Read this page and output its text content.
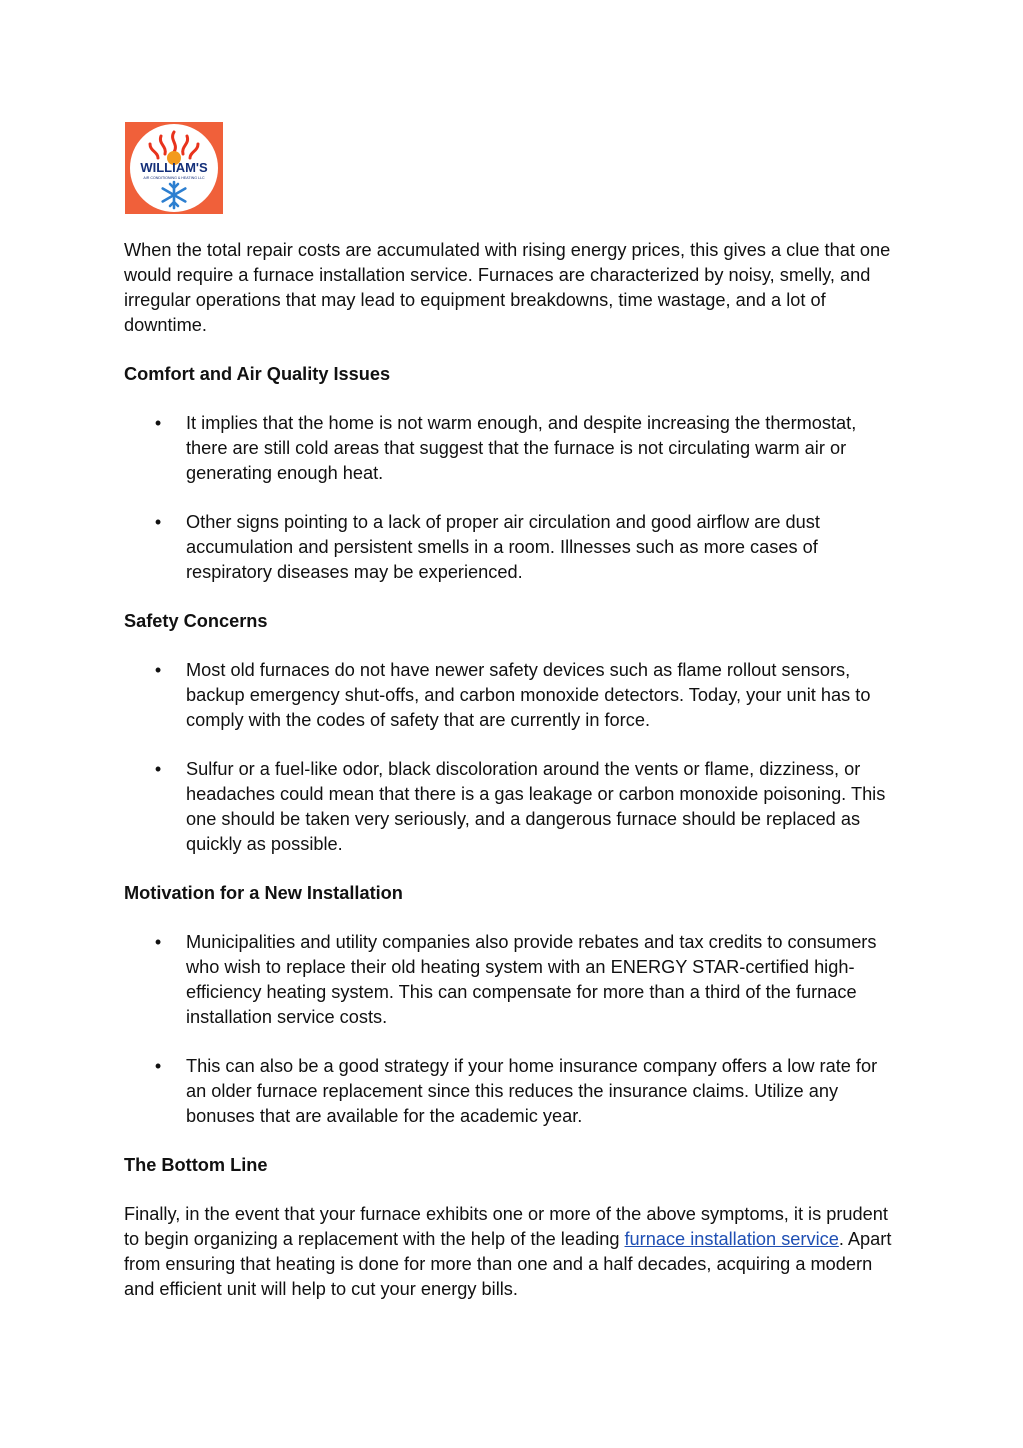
WILLIAM'S
AIR CONDITIONING & HEATING LLC

When the total repair costs are accumulated with rising energy prices, this gives a clue that one would require a furnace installation service. Furnaces are characterized by noisy, smelly, and irregular operations that may lead to equipment breakdowns, time wastage, and a lot of downtime.

Comfort and Air Quality Issues

• It implies that the home is not warm enough, and despite increasing the thermostat, there are still cold areas that suggest that the furnace is not circulating warm air or generating enough heat.
• Other signs pointing to a lack of proper air circulation and good airflow are dust accumulation and persistent smells in a room. Illnesses such as more cases of respiratory diseases may be experienced.

Safety Concerns

• Most old furnaces do not have newer safety devices such as flame rollout sensors, backup emergency shut-offs, and carbon monoxide detectors. Today, your unit has to comply with the codes of safety that are currently in force.
• Sulfur or a fuel-like odor, black discoloration around the vents or flame, dizziness, or headaches could mean that there is a gas leakage or carbon monoxide poisoning. This one should be taken very seriously, and a dangerous furnace should be replaced as quickly as possible.

Motivation for a New Installation

• Municipalities and utility companies also provide rebates and tax credits to consumers who wish to replace their old heating system with an ENERGY STAR-certified high-efficiency heating system. This can compensate for more than a third of the furnace installation service costs.
• This can also be a good strategy if your home insurance company offers a low rate for an older furnace replacement since this reduces the insurance claims. Utilize any bonuses that are available for the academic year.

The Bottom Line

Finally, in the event that your furnace exhibits one or more of the above symptoms, it is prudent to begin organizing a replacement with the help of the leading furnace installation service. Apart from ensuring that heating is done for more than one and a half decades, acquiring a modern and efficient unit will help to cut your energy bills.
